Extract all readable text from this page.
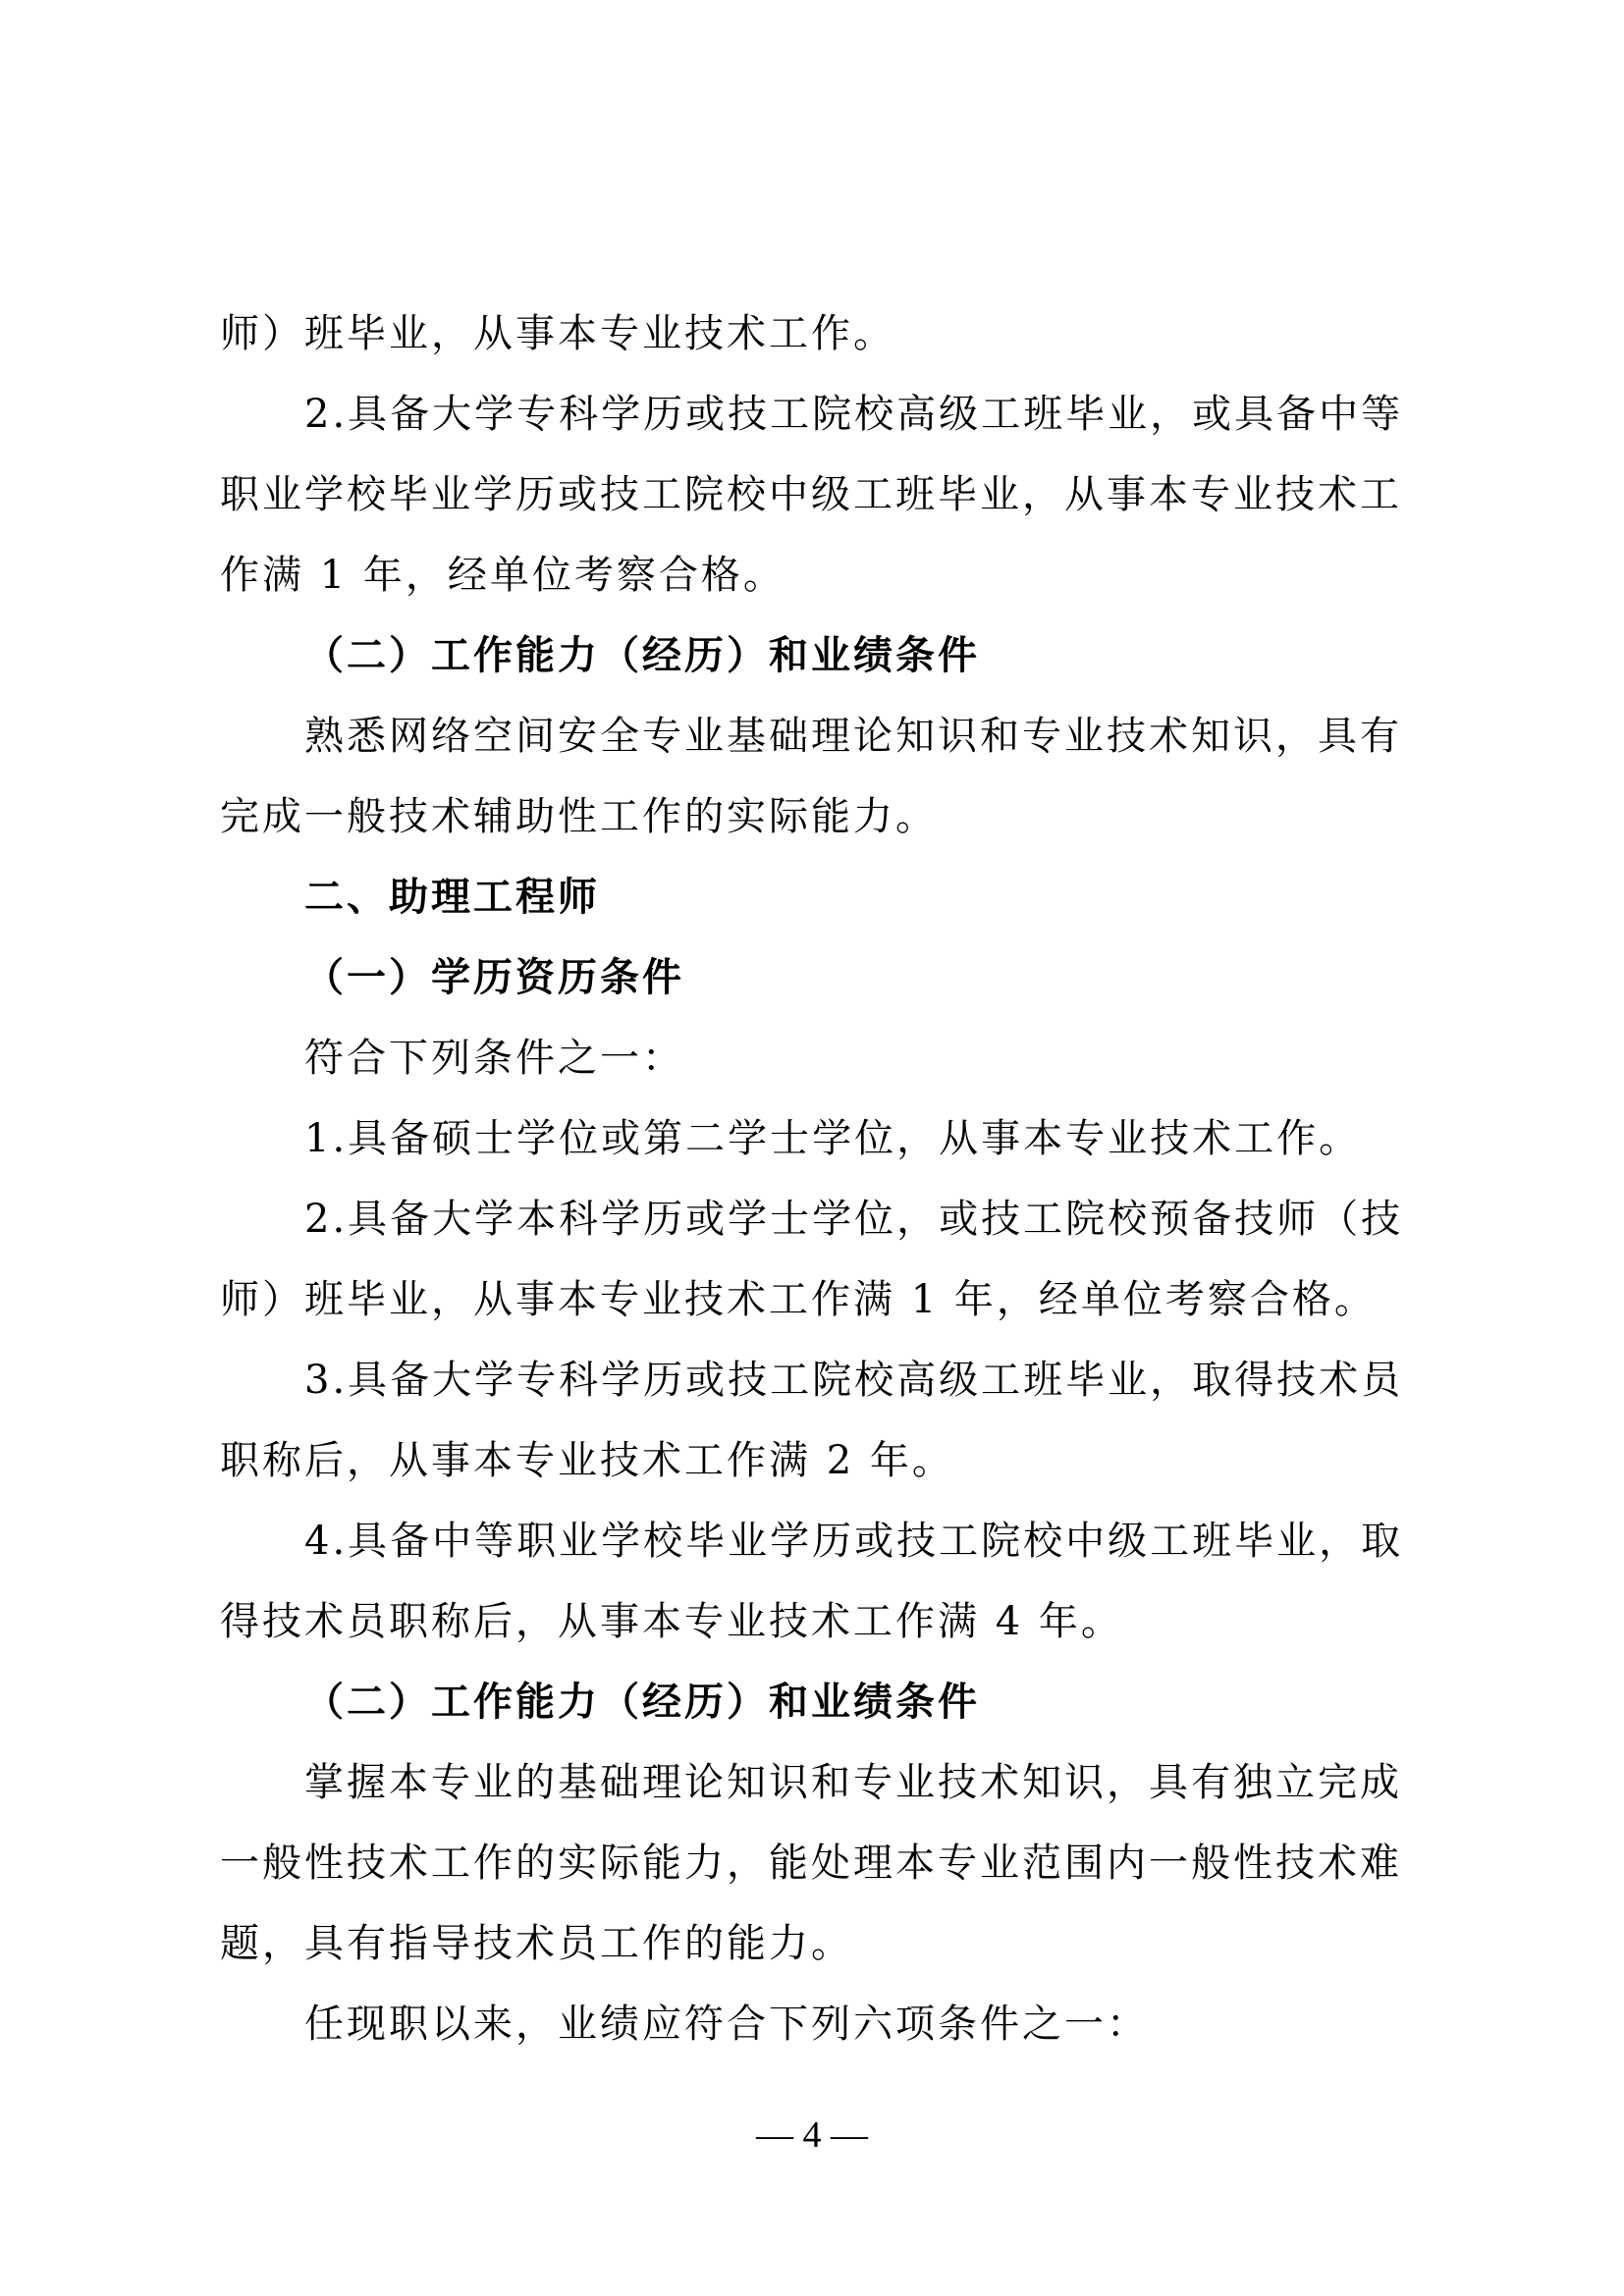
师）班毕业，从事本专业技术工作。
2.具备大学专科学历或技工院校高级工班毕业，或具备中等
职业学校毕业学历或技工院校中级工班毕业，从事本专业技术工
作满 1 年，经单位考察合格。
（二）工作能力（经历）和业绩条件
熟悉网络空间安全专业基础理论知识和专业技术知识，具有
完成一般技术辅助性工作的实际能力。
二、助理工程师
（一）学历资历条件
符合下列条件之一：
1.具备硕士学位或第二学士学位，从事本专业技术工作。
2.具备大学本科学历或学士学位，或技工院校预备技师（技
师）班毕业，从事本专业技术工作满 1 年，经单位考察合格。
3.具备大学专科学历或技工院校高级工班毕业，取得技术员
职称后，从事本专业技术工作满 2 年。
4.具备中等职业学校毕业学历或技工院校中级工班毕业，取
得技术员职称后，从事本专业技术工作满 4 年。
（二）工作能力（经历）和业绩条件
掌握本专业的基础理论知识和专业技术知识，具有独立完成
一般性技术工作的实际能力，能处理本专业范围内一般性技术难
题，具有指导技术员工作的能力。
任现职以来，业绩应符合下列六项条件之一：
— 4 —
